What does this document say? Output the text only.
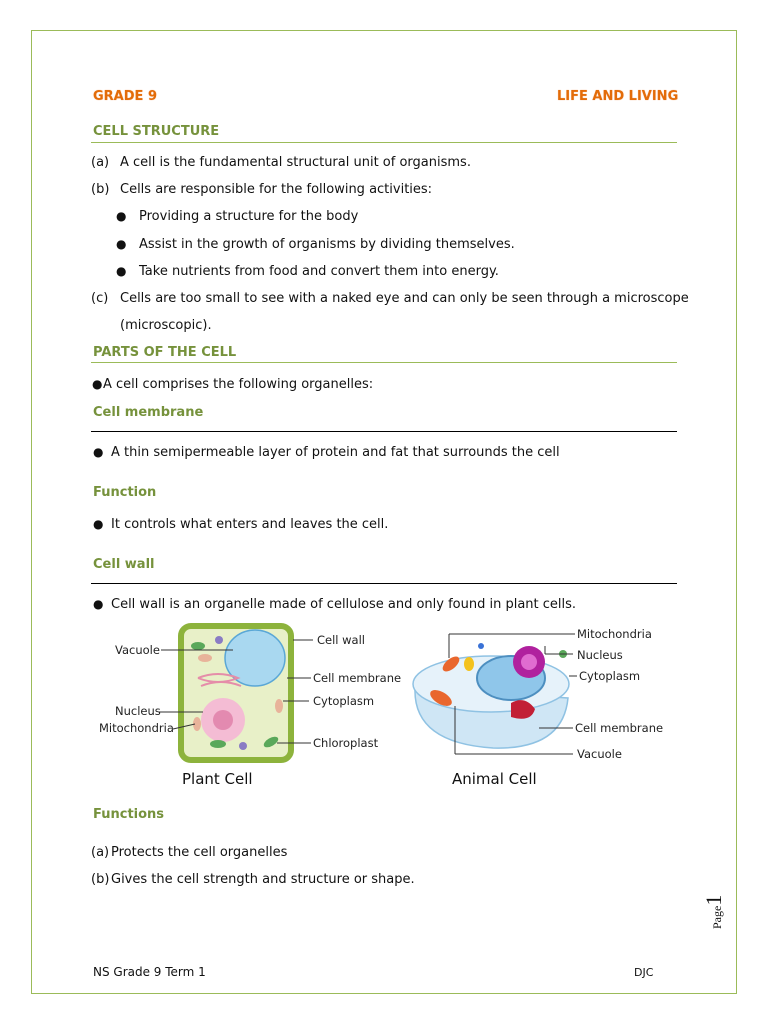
GRADE 9	LIFE AND LIVING
CELL STRUCTURE
(a) A cell is the fundamental structural unit of organisms.
(b) Cells are responsible for the following activities:
● Providing a structure for the body
● Assist in the growth of organisms by dividing themselves.
● Take nutrients from food and convert them into energy.
(c) Cells are too small to see with a naked eye and can only be seen through a microscope
(microscopic).
PARTS OF THE CELL
● A cell comprises the following organelles:
Cell membrane
● A thin semipermeable layer of protein and fat that surrounds the cell
Function
● It controls what enters and leaves the cell.
Cell wall
● Cell wall is an organelle made of cellulose and only found in plant cells.
Vacuole
Nucleus
Mitochondria
Cell wall
Cell membrane
Cytoplasm
Chloroplast
Plant Cell
Mitochondria
Nucleus
Cytoplasm
Cell membrane
Vacuole
Animal Cell
Functions
(a) Protects the cell organelles
(b) Gives the cell strength and structure or shape.
Page1
NS Grade 9 Term 1	DJC
